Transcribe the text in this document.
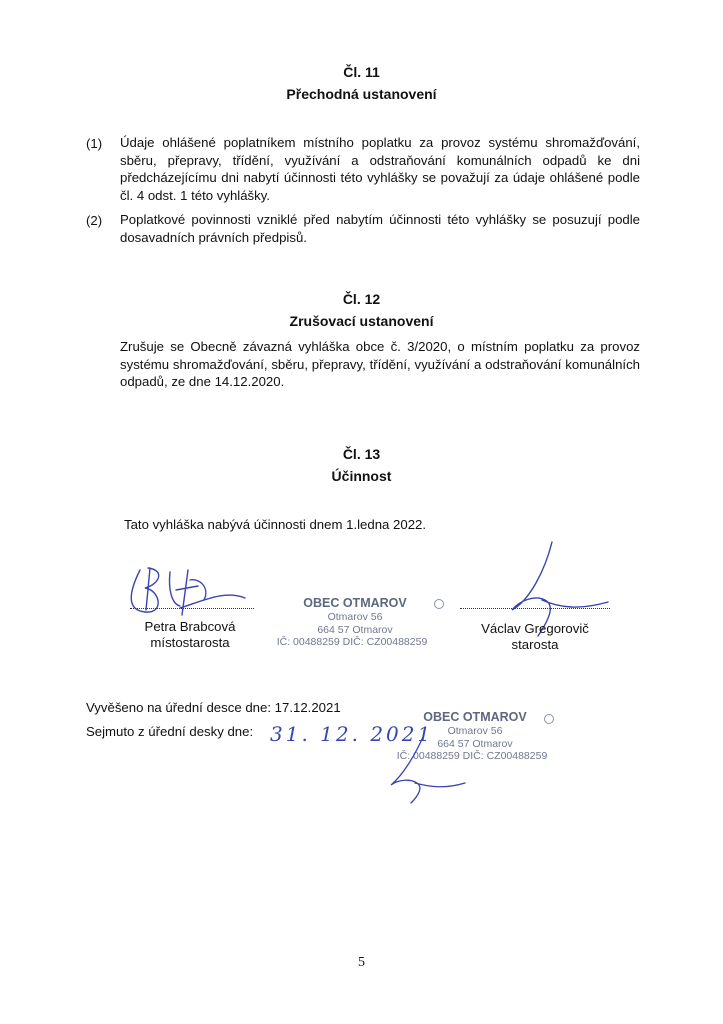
Čl. 11
Přechodná ustanovení
(1) Údaje ohlášené poplatníkem místního poplatku za provoz systému shromažďování, sběru, přepravy, třídění, využívání a odstraňování komunálních odpadů ke dni předcházejícímu dni nabytí účinnosti této vyhlášky se považují za údaje ohlášené podle čl. 4 odst. 1 této vyhlášky.
(2) Poplatkové povinnosti vzniklé před nabytím účinnosti této vyhlášky se posuzují podle dosavadních právních předpisů.
Čl. 12
Zrušovací ustanovení
Zrušuje se Obecně závazná vyhláška obce č. 3/2020, o místním poplatku za provoz systému shromažďování, sběru, přepravy, třídění, využívání a odstraňování komunálních odpadů, ze dne 14.12.2020.
Čl. 13
Účinnost
Tato vyhláška nabývá účinnosti dnem 1.ledna 2022.
Petra Brabcová
místostarosta
OBEC OTMAROV
Otmarov 56
664 57 Otmarov
IČ: 00488259 DIČ: CZ00488259
Václav Gregorovič
starosta
Vyvěšeno na úřední desce dne: 17.12.2021
Sejmuto z úřední desky dne: 31. 12. 2021
OBEC OTMAROV
Otmarov 56
664 57 Otmarov
IČ: 00488259 DIČ: CZ00488259
5
